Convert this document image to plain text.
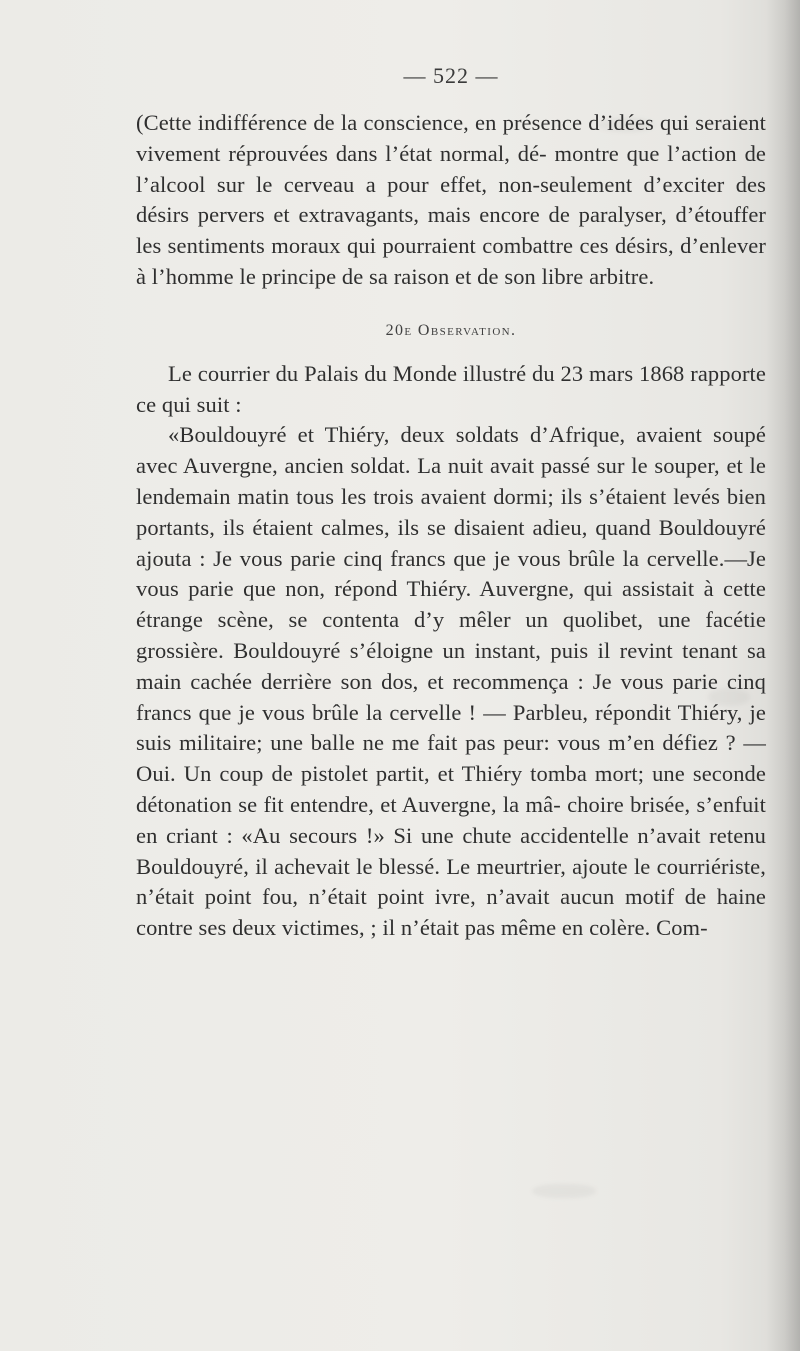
— 522 —

(Cette indifférence de la conscience, en présence d’idées qui seraient vivement réprouvées dans l’état normal, dé- montre que l’action de l’alcool sur le cerveau a pour effet, non-seulement d’exciter des désirs pervers et extravagants, mais encore de paralyser, d’étouffer les sentiments moraux qui pourraient combattre ces désirs, d’enlever à l’homme le principe de sa raison et de son libre arbitre.

20e Observation.

Le courrier du Palais du Monde illustré du 23 mars 1868 rapporte ce qui suit :

«Bouldouyré et Thiéry, deux soldats d’Afrique, avaient soupé avec Auvergne, ancien soldat. La nuit avait passé sur le souper, et le lendemain matin tous les trois avaient dormi; ils s’étaient levés bien portants, ils étaient calmes, ils se disaient adieu, quand Bouldouyré ajouta : Je vous parie cinq francs que je vous brûle la cervelle.—Je vous parie que non, répond Thiéry. Auvergne, qui assistait à cette étrange scène, se contenta d’y mêler un quolibet, une facétie grossière. Bouldouyré s’éloigne un instant, puis il revint tenant sa main cachée derrière son dos, et recommença : Je vous parie cinq francs que je vous brûle la cervelle ! — Parbleu, répondit Thiéry, je suis militaire; une balle ne me fait pas peur: vous m’en défiez ? — Oui. Un coup de pistolet partit, et Thiéry tomba mort; une seconde détonation se fit entendre, et Auvergne, la mâ- choire brisée, s’enfuit en criant : «Au secours !» Si une chute accidentelle n’avait retenu Bouldouyré, il achevait le blessé. Le meurtrier, ajoute le courriériste, n’était point fou, n’était point ivre, n’avait aucun motif de haine contre ses deux victimes, ; il n’était pas même en colère. Com-
